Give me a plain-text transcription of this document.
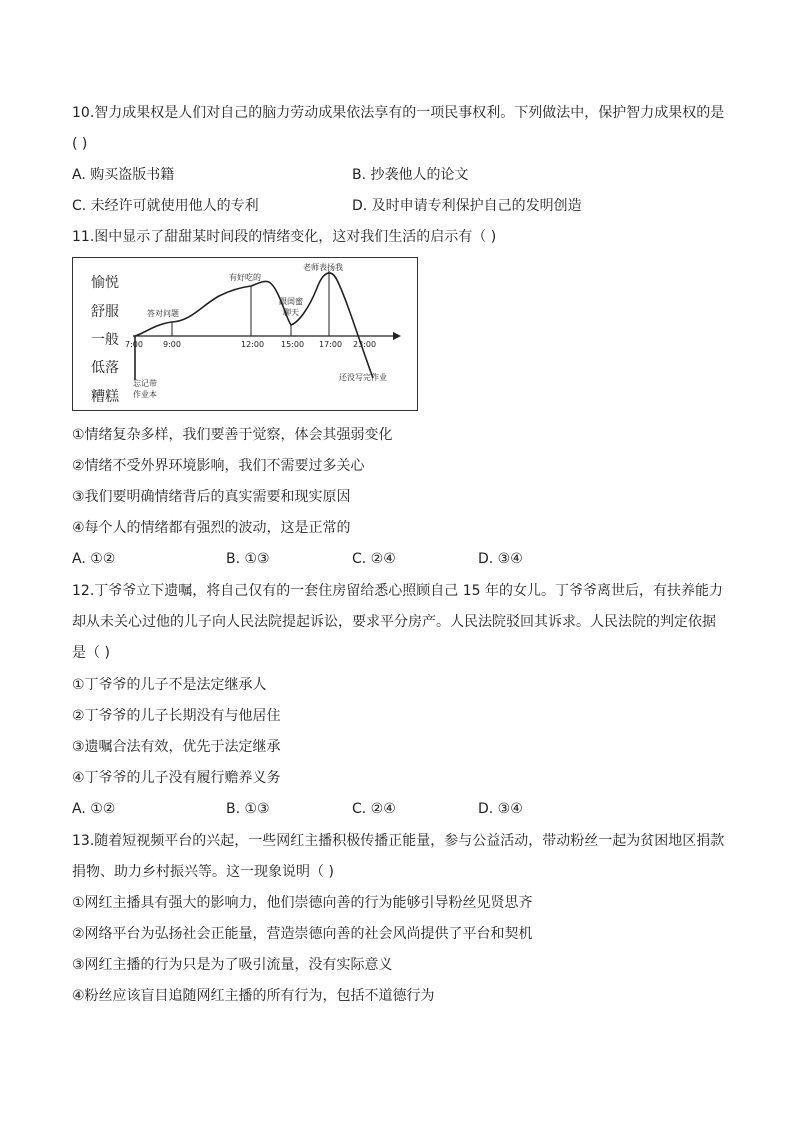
10.智力成果权是人们对自己的脑力劳动成果依法享有的一项民事权利。下列做法中，保护智力成果权的是
( )
A. 购买盗版书籍	B. 抄袭他人的论文
C. 未经许可就使用他人的专利	D. 及时申请专利保护自己的发明创造
11.图中显示了甜甜某时间段的情绪变化，这对我们生活的启示有（ )
愉悦
舒服
一般
低落
糟糕
7:00	9:00	12:00 15:00 17:00 23:00
忘记带
作业本
答对问题
有好吃的
跟闺蜜
聊天
老师表扬我
还没写完作业
①情绪复杂多样，我们要善于觉察，体会其强弱变化
②情绪不受外界环境影响，我们不需要过多关心
③我们要明确情绪背后的真实需要和现实原因
④每个人的情绪都有强烈的波动，这是正常的
A. ①②	B. ①③	C. ②④	D. ③④
12.丁爷爷立下遗嘱，将自己仅有的一套住房留给悉心照顾自己 15 年的女儿。丁爷爷离世后，有扶养能力
却从未关心过他的儿子向人民法院提起诉讼，要求平分房产。人民法院驳回其诉求。人民法院的判定依据
是（ )
①丁爷爷的儿子不是法定继承人
②丁爷爷的儿子长期没有与他居住
③遗嘱合法有效，优先于法定继承
④丁爷爷的儿子没有履行赡养义务
A. ①②	B. ①③	C. ②④	D. ③④
13.随着短视频平台的兴起，一些网红主播积极传播正能量，参与公益活动，带动粉丝一起为贫困地区捐款
捐物、助力乡村振兴等。这一现象说明（ )
①网红主播具有强大的影响力，他们崇德向善的行为能够引导粉丝见贤思齐
②网络平台为弘扬社会正能量，营造崇德向善的社会风尚提供了平台和契机
③网红主播的行为只是为了吸引流量，没有实际意义
④粉丝应该盲目追随网红主播的所有行为，包括不道德行为
